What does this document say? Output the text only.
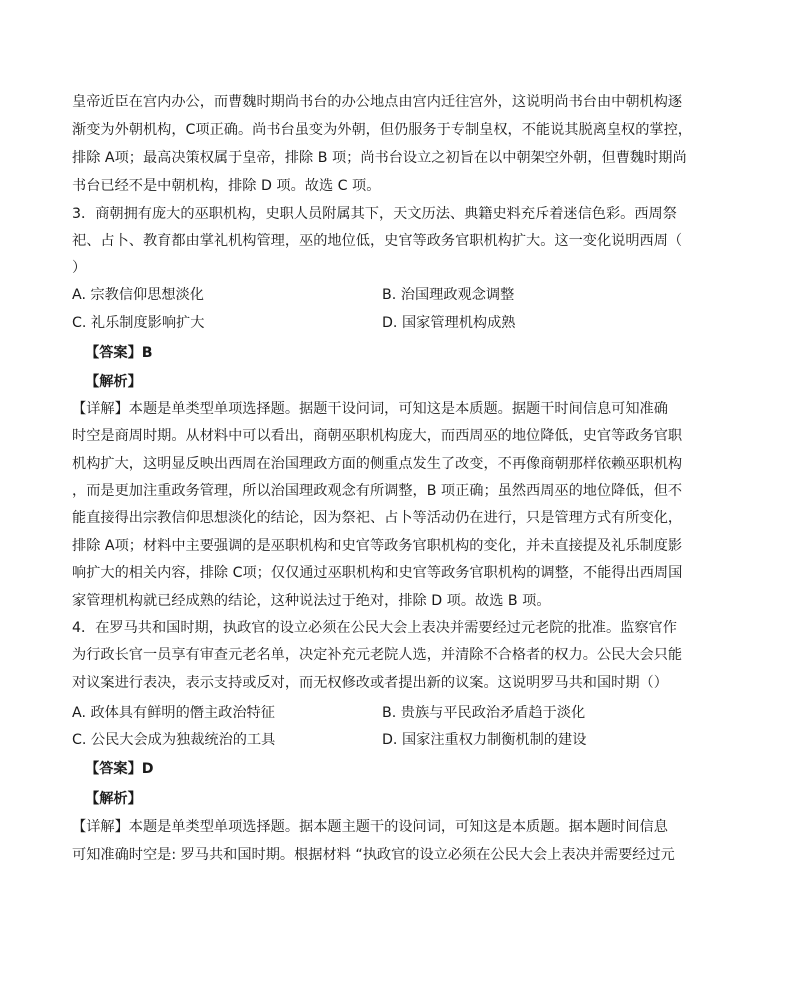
皇帝近臣在宫内办公，而曹魏时期尚书台的办公地点由宫内迁往宫外，这说明尚书台由中朝机构逐
渐变为外朝机构，C项正确。尚书台虽变为外朝，但仍服务于专制皇权，不能说其脱离皇权的掌控，
排除 A项；最高决策权属于皇帝，排除 B 项；尚书台设立之初旨在以中朝架空外朝，但曹魏时期尚
书台已经不是中朝机构，排除 D 项。故选 C 项。
3．商朝拥有庞大的巫职机构，史职人员附属其下，天文历法、典籍史料充斥着迷信色彩。西周祭
祀、占卜、教育都由掌礼机构管理，巫的地位低，史官等政务官职机构扩大。这一变化说明西周（
）
A. 宗教信仰思想淡化	B. 治国理政观念调整
C. 礼乐制度影响扩大	D. 国家管理机构成熟
【答案】B
【解析】
【详解】本题是单类型单项选择题。据题干设问词，可知这是本质题。据题干时间信息可知准确
时空是商周时期。从材料中可以看出，商朝巫职机构庞大，而西周巫的地位降低，史官等政务官职
机构扩大，这明显反映出西周在治国理政方面的侧重点发生了改变，不再像商朝那样依赖巫职机构
，而是更加注重政务管理，所以治国理政观念有所调整，B 项正确；虽然西周巫的地位降低，但不
能直接得出宗教信仰思想淡化的结论，因为祭祀、占卜等活动仍在进行，只是管理方式有所变化，
排除 A项；材料中主要强调的是巫职机构和史官等政务官职机构的变化，并未直接提及礼乐制度影
响扩大的相关内容，排除 C项；仅仅通过巫职机构和史官等政务官职机构的调整，不能得出西周国
家管理机构就已经成熟的结论，这种说法过于绝对，排除 D 项。故选 B 项。
4．在罗马共和国时期，执政官的设立必须在公民大会上表决并需要经过元老院的批准。监察官作
为行政长官一员享有审查元老名单，决定补充元老院人选，并清除不合格者的权力。公民大会只能
对议案进行表决，表示支持或反对，而无权修改或者提出新的议案。这说明罗马共和国时期（）
A. 政体具有鲜明的僭主政治特征	B. 贵族与平民政治矛盾趋于淡化
C. 公民大会成为独裁统治的工具	D. 国家注重权力制衡机制的建设
【答案】D
【解析】
【详解】本题是单类型单项选择题。据本题主题干的设问词，可知这是本质题。据本题时间信息
可知准确时空是: 罗马共和国时期。根据材料 “执政官的设立必须在公民大会上表决并需要经过元
